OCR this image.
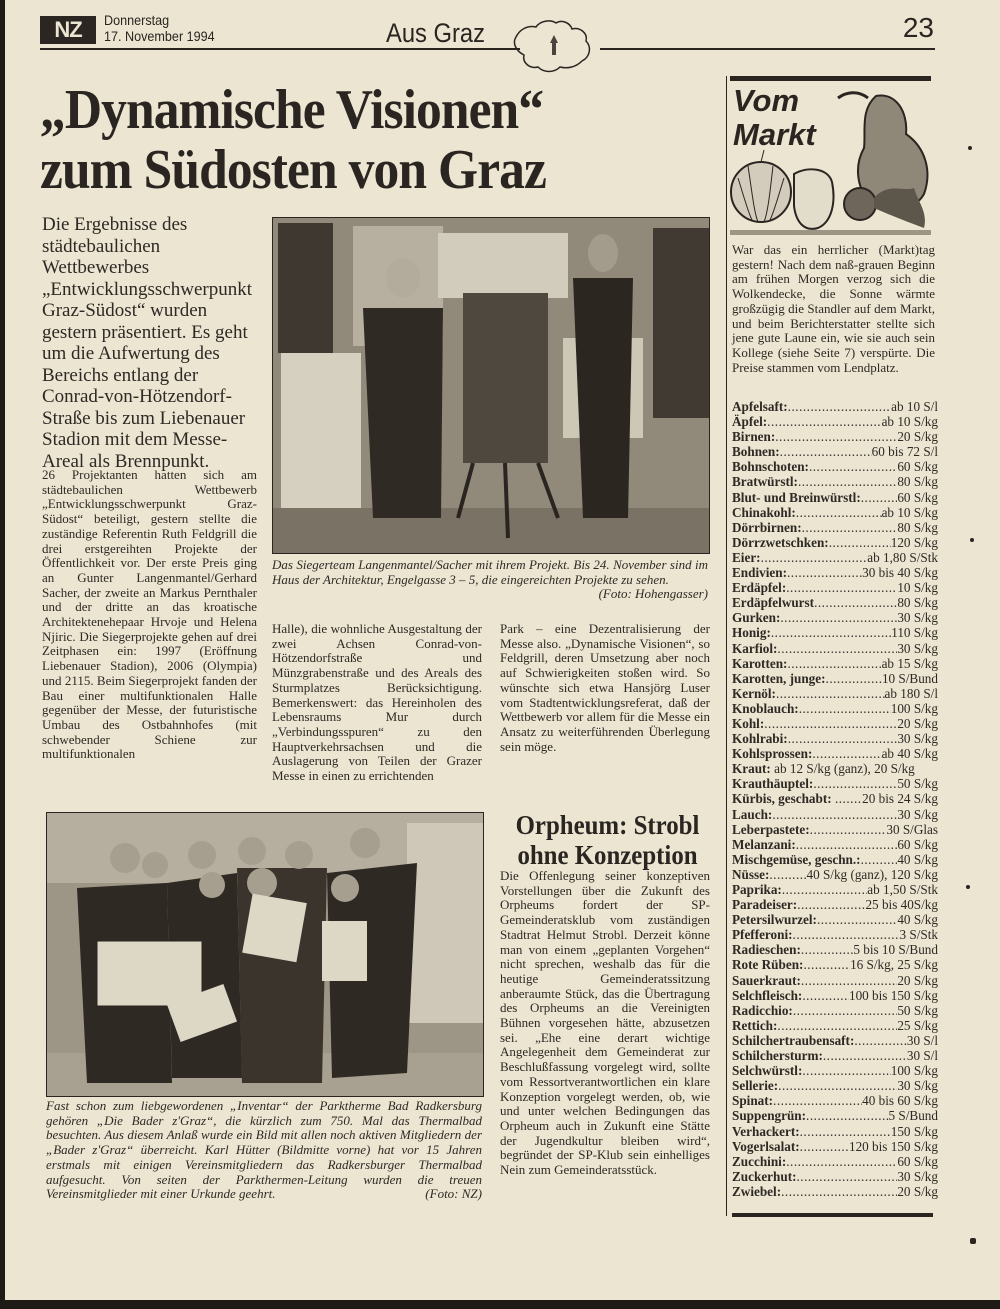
NZ	Donnerstag
17. November 1994	Aus Graz	23
„Dynamische Visionen“
zum Südosten von Graz
Die Ergebnisse des städtebaulichen Wettbewerbes „Entwicklungsschwerpunkt Graz-Südost“ wurden gestern präsentiert. Es geht um die Aufwertung des Bereichs entlang der Conrad-von-Hötzendorf-Straße bis zum Liebenauer Stadion mit dem Messe-Areal als Brennpunkt.
26 Projektanten hatten sich am städtebaulichen Wettbewerb „Entwicklungsschwerpunkt Graz-Südost“ beteiligt, gestern stellte die zuständige Referentin Ruth Feldgrill die drei erstgereihten Projekte der Öffentlichkeit vor. Der erste Preis ging an Gunter Langenmantel/Gerhard Sacher, der zweite an Markus Pernthaler und der dritte an das kroatische Architektenehepaar Hrvoje und Helena Njiric. Die Siegerprojekte gehen auf drei Zeitphasen ein: 1997 (Eröffnung Liebenauer Stadion), 2006 (Olympia) und 2115. Beim Siegerprojekt fanden der Bau einer multifunktionalen Halle gegenüber der Messe, der futuristische Umbau des Ostbahnhofes (mit schwebender Schiene zur multifunktionalen
Das Siegerteam Langenmantel/Sacher mit ihrem Projekt. Bis 24. November sind im Haus der Architektur, Engelgasse 3 – 5, die eingereichten Projekte zu sehen.
(Foto: Hohengasser)
Halle), die wohnliche Ausgestaltung der zwei Achsen Conrad-von-Hötzendorfstraße und Münzgrabenstraße und des Areals des Sturmplatzes Berücksichtigung. Bemerkenswert: das Hereinholen des Lebensraums Mur durch „Verbindungsspuren“ zu den Hauptverkehrsachsen und die Auslagerung von Teilen der Grazer Messe in einen zu errichtenden
Park – eine Dezentralisierung der Messe also. „Dynamische Visionen“, so Feldgrill, deren Umsetzung aber noch auf Schwierigkeiten stoßen wird. So wünschte sich etwa Hansjörg Luser vom Stadtentwicklungsreferat, daß der Wettbewerb vor allem für die Messe ein Ansatz zu weiterführenden Überlegung sein möge.
Fast schon zum liebgewordenen „Inventar“ der Parktherme Bad Radkersburg gehören „Die Bader z'Graz“, die kürzlich zum 750. Mal das Thermalbad besuchten. Aus diesem Anlaß wurde ein Bild mit allen noch aktiven Mitgliedern der „Bader z'Graz“ überreicht. Karl Hütter (Bildmitte vorne) hat vor 15 Jahren erstmals mit einigen Vereinsmitgliedern das Radkersburger Thermalbad aufgesucht. Von seiten der Parkthermen-Leitung wurden die treuen Vereinsmitglieder mit einer Urkunde geehrt.	(Foto: NZ)
Orpheum: Strobl
ohne Konzeption
Die Offenlegung seiner konzeptiven Vorstellungen über die Zukunft des Orpheums fordert der SP-Gemeinderatsklub vom zuständigen Stadtrat Helmut Strobl. Derzeit könne man von einem „geplanten Vorgehen“ nicht sprechen, weshalb das für die heutige Gemeinderatssitzung anberaumte Stück, das die Übertragung des Orpheums an die Vereinigten Bühnen vorgesehen hätte, abzusetzen sei. „Ehe eine derart wichtige Angelegenheit dem Gemeinderat zur Beschlußfassung vorgelegt wird, sollte vom Ressortverantwortlichen ein klare Konzeption vorgelegt werden, ob, wie und unter welchen Bedingungen das Orpheum auch in Zukunft eine Stätte der Jugendkultur bleiben wird“, begründet der SP-Klub sein einhelliges Nein zum Gemeinderatsstück.
Vom
Markt
War das ein herrlicher (Markt)tag gestern! Nach dem naß-grauen Beginn am frühen Morgen verzog sich die Wolkendecke, die Sonne wärmte großzügig die Standler auf dem Markt, und beim Berichterstatter stellte sich jene gute Laune ein, wie sie auch sein Kollege (siehe Seite 7) verspürte. Die Preise stammen vom Lendplatz.
Apfelsaft: .....	ab 10 S/l
Äpfel: .....	ab 10 S/kg
Birnen: .....	20 S/kg
Bohnen: .....	60 bis 72 S/l
Bohnschoten: .....	60 S/kg
Bratwürstl: .....	80 S/kg
Blut- und Breinwürstl: .....	60 S/kg
Chinakohl: .....	ab 10 S/kg
Dörrbirnen: .....	80 S/kg
Dörrzwetschken: .....	120 S/kg
Eier: .....	ab 1,80 S/Stk
Endivien: .....	30 bis 40 S/kg
Erdäpfel: .....	10 S/kg
Erdäpfelwurst .....	80 S/kg
Gurken: .....	30 S/kg
Honig: .....	110 S/kg
Karfiol: .....	30 S/kg
Karotten: .....	ab 15 S/kg
Karotten, junge: .....	10 S/Bund
Kernöl: .....	ab 180 S/l
Knoblauch: .....	100 S/kg
Kohl: .....	20 S/kg
Kohlrabi: .....	30 S/kg
Kohlsprossen: .....	ab 40 S/kg
Kraut:
ab 12 S/kg (ganz), 20 S/kg
Krauthäuptel: .....	50 S/kg
Kürbis, geschabt:
..... 20 bis 24 S/kg
Lauch: .....	30 S/kg
Leberpastete: .....	30 S/Glas
Melanzani: .....	60 S/kg
Mischgemüse, geschn.: .....	40 S/kg
Nüsse: .....	40 S/kg (ganz), 120 S/kg
Paprika: .....	ab 1,50 S/Stk
Paradeiser: .....	25 bis 40S/kg
Petersilwurzel: .....	40 S/kg
Pfefferoni: .....	3 S/Stk
Radieschen: .....	5 bis 10 S/Bund
Rote Rüben: .....	16 S/kg, 25 S/kg
Sauerkraut: .....	20 S/kg
Selchfleisch: .....	100 bis 150 S/kg
Radicchio: .....	50 S/kg
Rettich: .....	25 S/kg
Schilchertraubensaft: .....	30 S/l
Schilchersturm: .....	30 S/l
Selchwürstl: .....	100 S/kg
Sellerie: .....	30 S/kg
Spinat: .....	40 bis 60 S/kg
Suppengrün: .....	5 S/Bund
Verhackert: .....	150 S/kg
Vogerlsalat: .....	120 bis 150 S/kg
Zucchini: .....	60 S/kg
Zuckerhut: .....	30 S/kg
Zwiebel: .....	20 S/kg
